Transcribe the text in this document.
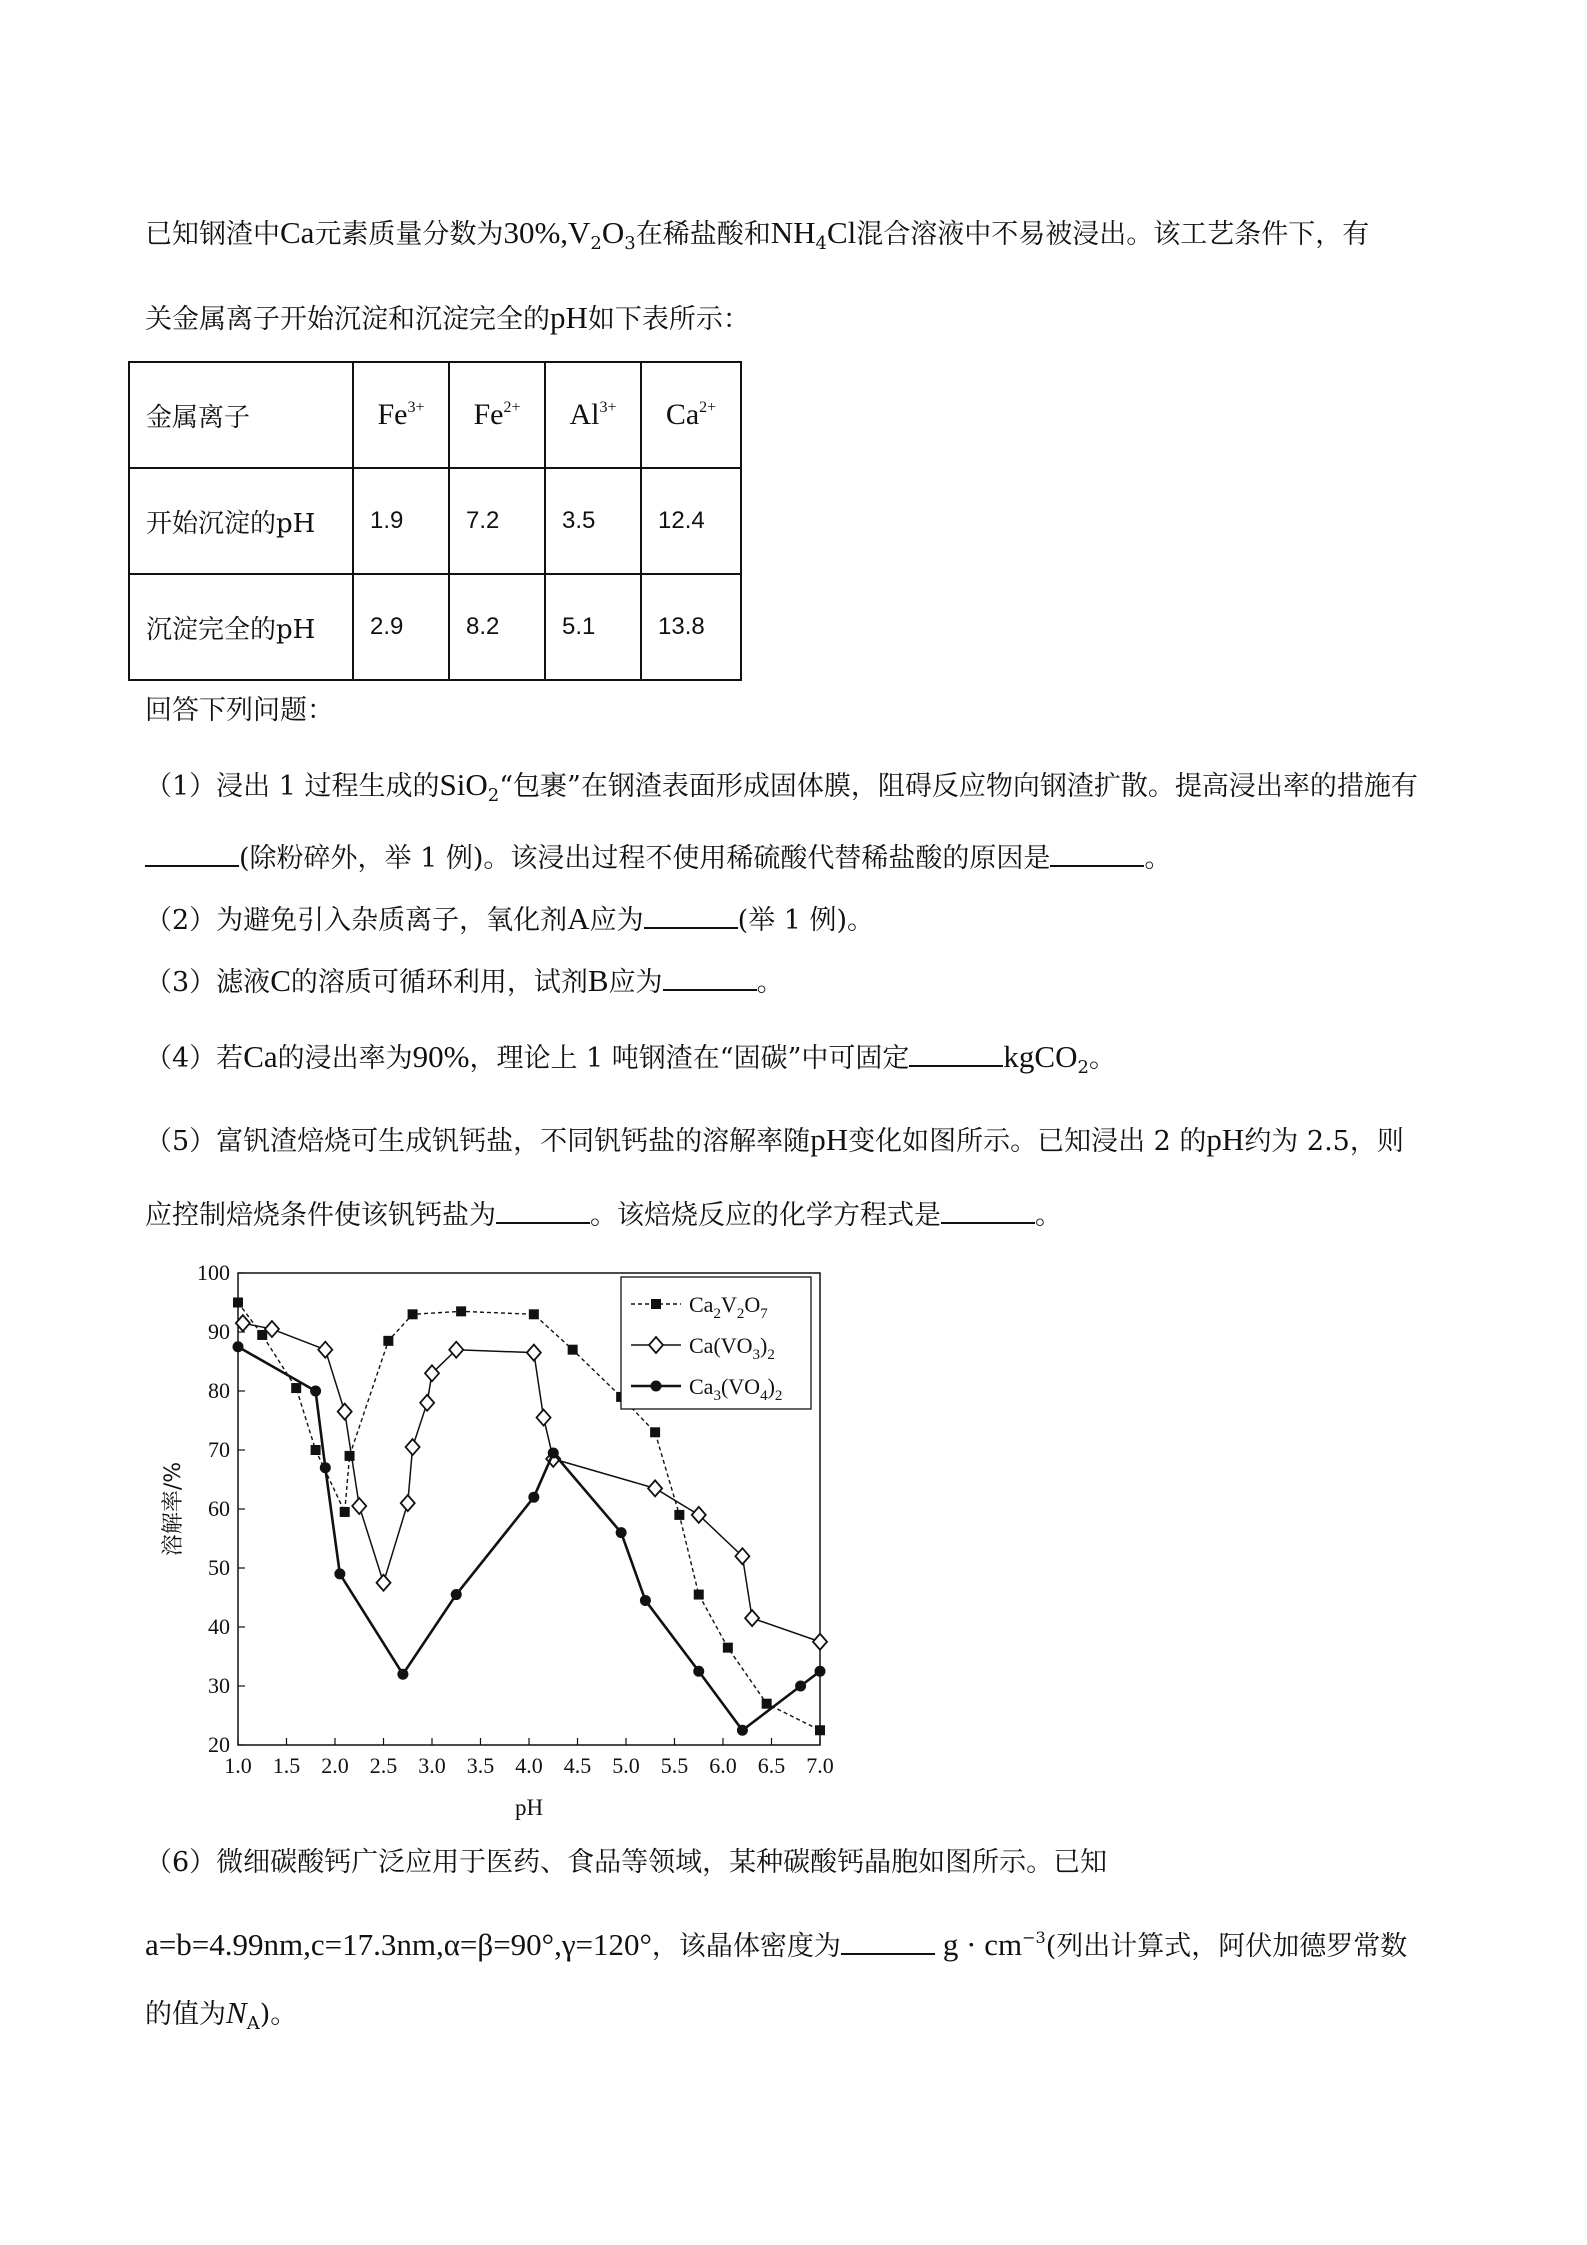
已知钢渣中Ca元素质量分数为$30\%,V_2O_3$在稀盐酸和$NH_4Cl$混合溶液中不易被浸出。该工艺条件下，有
关金属离子开始沉淀和沉淀完全的pH如下表所示：
金属离子	$Fe^{3+}$	$Fe^{2+}$	$Al^{3+}$	$Ca^{2+}$
开始沉淀的pH	1.9	7.2	3.5	12.4
沉淀完全的pH	2.9	8.2	5.1	13.8
回答下列问题：
（1）浸出 1 过程生成的SiO$_2$“包裹”在钢渣表面形成固体膜，阻碍反应物向钢渣扩散。提高浸出率的措施有
(除粉碎外，举 1 例)。该浸出过程不使用稀硫酸代替稀盐酸的原因是	。
（2）为避免引入杂质离子，氧化剂A应为	(举 1 例)。
（3）滤液C的溶质可循环利用，试剂B应为	。
（4）若Ca的浸出率为90%，理论上 1 吨钢渣在“固碳”中可固定	kgCO$_2$。
（5）富钒渣焙烧可生成钒钙盐，不同钒钙盐的溶解率随pH变化如图所示。已知浸出 2 的pH约为 2.5，则
应控制焙烧条件使该钒钙盐为	。该焙烧反应的化学方程式是	。
1.0 1.5 2.0 2.5 3.0 3.5 4.0 4.5 5.0 5.5 6.0 6.5 7.0
20
30
40
50
60
70
80
90
100
pH
溶解率/%
$Ca_2V_2O_7$
$Ca(VO_3)_2$
$Ca_3(VO_4)_2$
（6）微细碳酸钙广泛应用于医药、食品等领域，某种碳酸钙晶胞如图所示。已知
a=b=4.99nm,c=17.3nm,α=β=90°,γ=120°，该晶体密度为	$g \cdot cm^{-3}$(列出计算式，阿伏加德罗常数
的值为$N_A$)。
